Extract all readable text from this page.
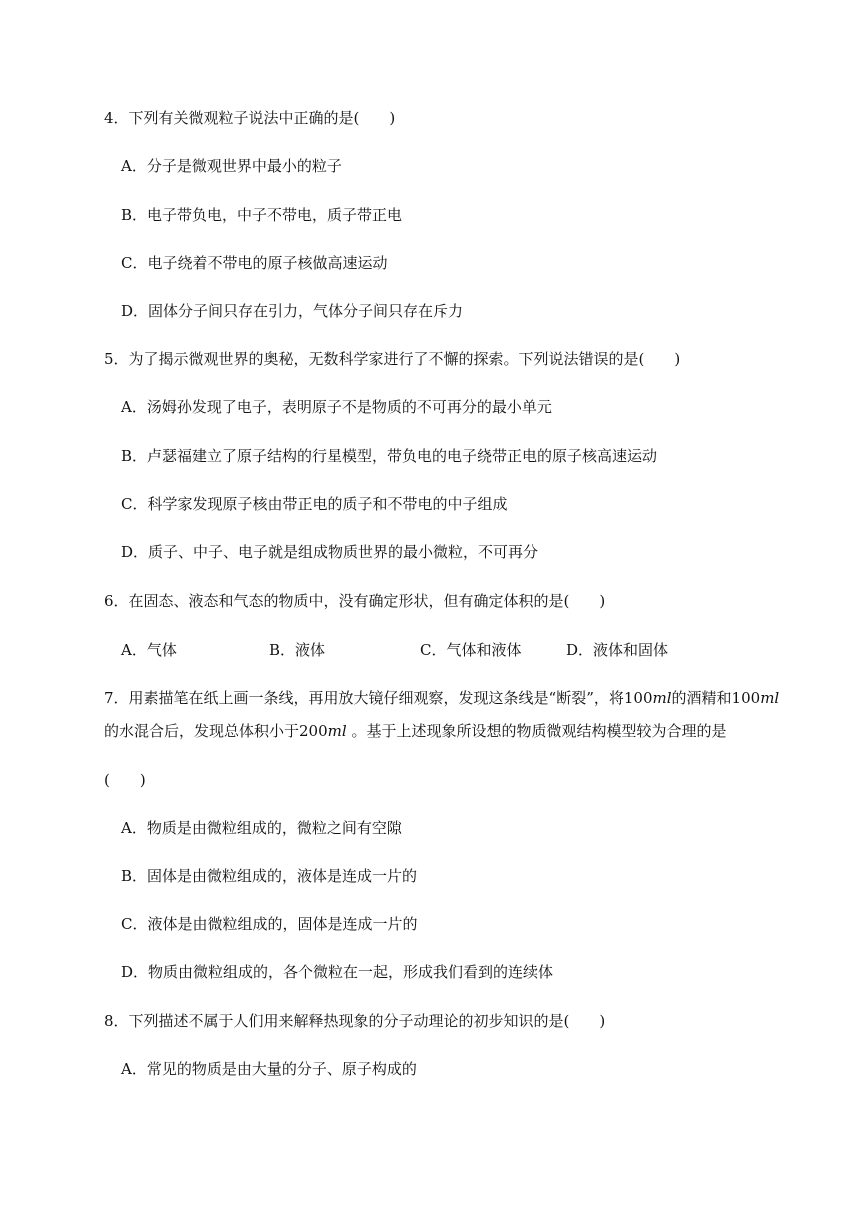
4．下列有关微观粒子说法中正确的是(　　)
A．分子是微观世界中最小的粒子
B．电子带负电，中子不带电，质子带正电
C．电子绕着不带电的原子核做高速运动
D．固体分子间只存在引力，气体分子间只存在斥力
5．为了揭示微观世界的奥秘，无数科学家进行了不懈的探索。下列说法错误的是(　　)
A．汤姆孙发现了电子，表明原子不是物质的不可再分的最小单元
B．卢瑟福建立了原子结构的行星模型，带负电的电子绕带正电的原子核高速运动
C．科学家发现原子核由带正电的质子和不带电的中子组成
D．质子、中子、电子就是组成物质世界的最小微粒，不可再分
6．在固态、液态和气态的物质中，没有确定形状，但有确定体积的是(　　)
A．气体	B．液体	C．气体和液体	D．液体和固体
7．用素描笔在纸上画一条线，再用放大镜仔细观察，发现这条线是“断裂”，将100ml的酒精和100ml
的水混合后，发现总体积小于200ml 。基于上述现象所设想的物质微观结构模型较为合理的是
(　　)
A．物质是由微粒组成的，微粒之间有空隙
B．固体是由微粒组成的，液体是连成一片的
C．液体是由微粒组成的，固体是连成一片的
D．物质由微粒组成的，各个微粒在一起，形成我们看到的连续体
8．下列描述不属于人们用来解释热现象的分子动理论的初步知识的是(　　)
A．常见的物质是由大量的分子、原子构成的
